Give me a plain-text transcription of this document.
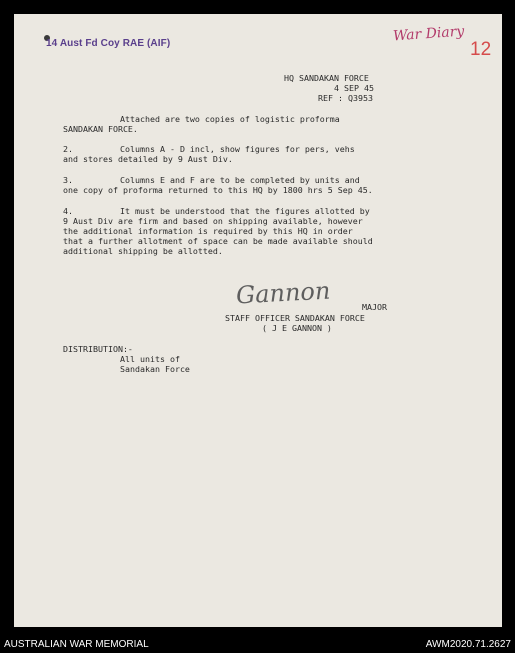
14 Aust Fd Coy RAE (AIF)	War Diary
12
HQ SANDAKAN FORCE
4 SEP 45
REF : Q3953
Attached are two copies of logistic proforma
SANDAKAN FORCE.
2.	Columns A - D incl, show figures for pers, vehs
and stores detailed by 9 Aust Div.
3.	Columns E and F are to be completed by units and
one copy of proforma returned to this HQ by 1800 hrs 5 Sep 45.
4.	It must be understood that the figures allotted by
9 Aust Div are firm and based on shipping available, however
the additional information is required by this HQ in order
that a further allotment of space can be made available should
additional shipping be allotted.
Gannon	MAJOR
STAFF OFFICER SANDAKAN FORCE
( J E GANNON )
DISTRIBUTION:-
All units of
Sandakan Force
AUSTRALIAN WAR MEMORIAL	AWM2020.71.2627
